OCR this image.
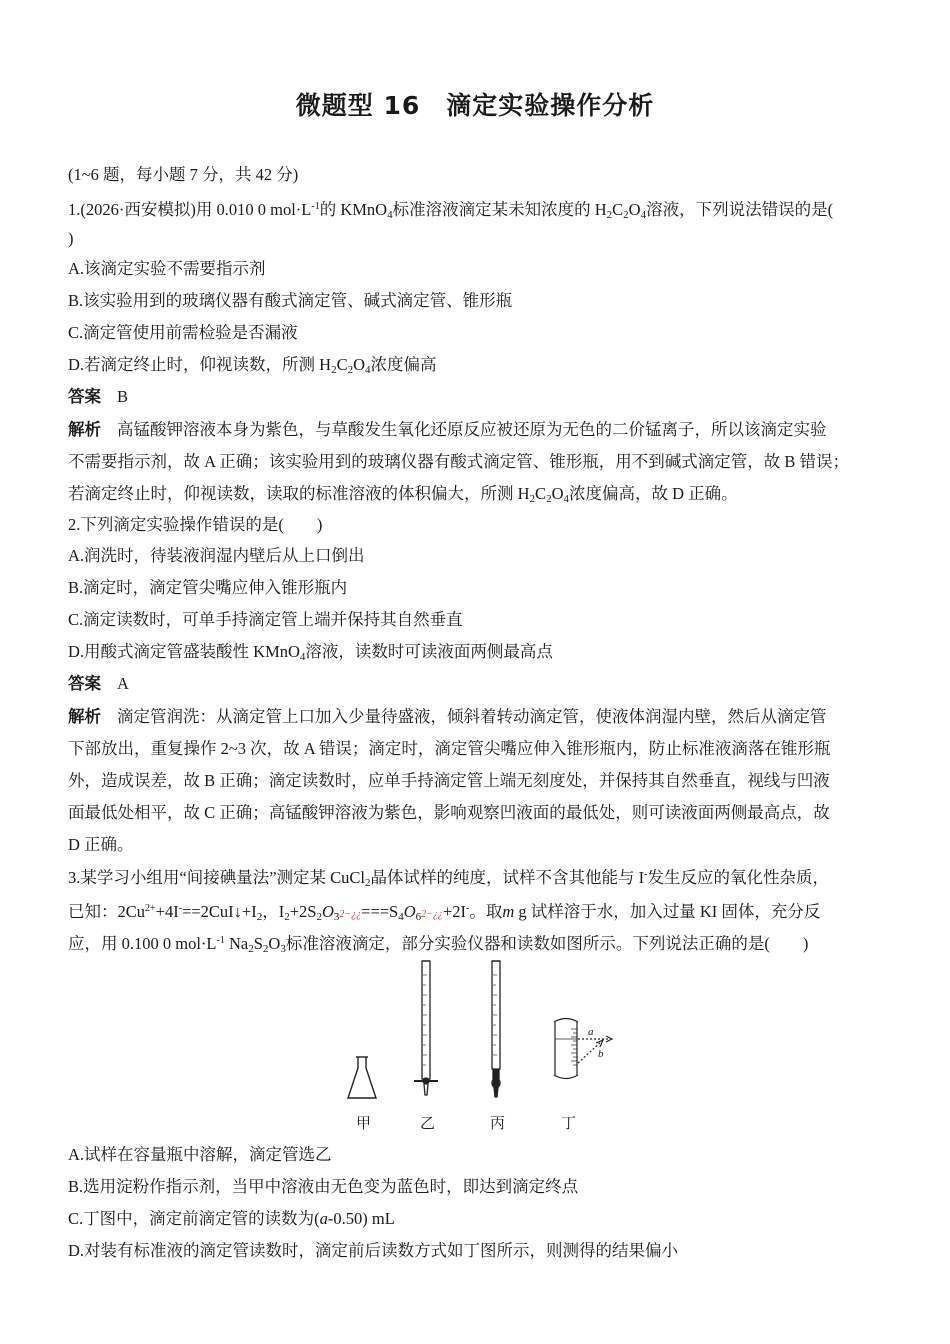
微题型 16　滴定实验操作分析
(1~6 题，每小题 7 分，共 42 分)
1.(2026·西安模拟)用 0.010 0 $mol\cdot L^{-1}$的 KMnO$_4$标准溶液滴定某未知浓度的 $H_2C_2O_4$溶液，下列说法错误的是(
)
A.该滴定实验不需要指示剂
B.该实验用到的玻璃仪器有酸式滴定管、碱式滴定管、锥形瓶
C.滴定管使用前需检验是否漏液
D.若滴定终止时，仰视读数，所测 $H_2C_2O_4$浓度偏高
答案 B
解析 高锰酸钾溶液本身为紫色，与草酸发生氧化还原反应被还原为无色的二价锰离子，所以该滴定实验
不需要指示剂，故 A 正确；该实验用到的玻璃仪器有酸式滴定管、锥形瓶，用不到碱式滴定管，故 B 错误；
若滴定终止时，仰视读数，读取的标准溶液的体积偏大，所测 $H_2C_2O_4$浓度偏高，故 D 正确。
2.下列滴定实验操作错误的是(　　)
A.润洗时，待装液润湿内壁后从上口倒出
B.滴定时，滴定管尖嘴应伸入锥形瓶内
C.滴定读数时，可单手持滴定管上端并保持其自然垂直
D.用酸式滴定管盛装酸性 KMnO$_4$溶液，读数时可读液面两侧最高点
答案 A
解析 滴定管润洗：从滴定管上口加入少量待盛液，倾斜着转动滴定管，使液体润湿内壁，然后从滴定管
下部放出，重复操作 2~3 次，故 A 错误；滴定时，滴定管尖嘴应伸入锥形瓶内，防止标准液滴落在锥形瓶
外，造成误差，故 B 正确；滴定读数时，应单手持滴定管上端无刻度处，并保持其自然垂直，视线与凹液
面最低处相平，故 C 正确；高锰酸钾溶液为紫色，影响观察凹液面的最低处，则可读液面两侧最高点，故
D 正确。
3.某学习小组用“间接碘量法”测定某 CuCl$_2$晶体试样的纯度，试样不含其他能与 I-发生反应的氧化性杂质，
已知：$2Cu^{2+}+4I^-==2CuI↓+I_2$，$I_2+2S_2O_32-¿¿===S_4O_62-¿¿+2I^-$。取m g 试样溶于水，加入过量 KI 固体，充分反
应，用 0.100 0 $mol\cdot L^{-1}$ $Na_2S_2O_3$标准溶液滴定，部分实验仪器和读数如图所示。下列说法正确的是(　　)
a
b
甲	乙	丙	丁
A.试样在容量瓶中溶解，滴定管选乙
B.选用淀粉作指示剂，当甲中溶液由无色变为蓝色时，即达到滴定终点
C.丁图中，滴定前滴定管的读数为(a-0.50) mL
D.对装有标准液的滴定管读数时，滴定前后读数方式如丁图所示，则测得的结果偏小
